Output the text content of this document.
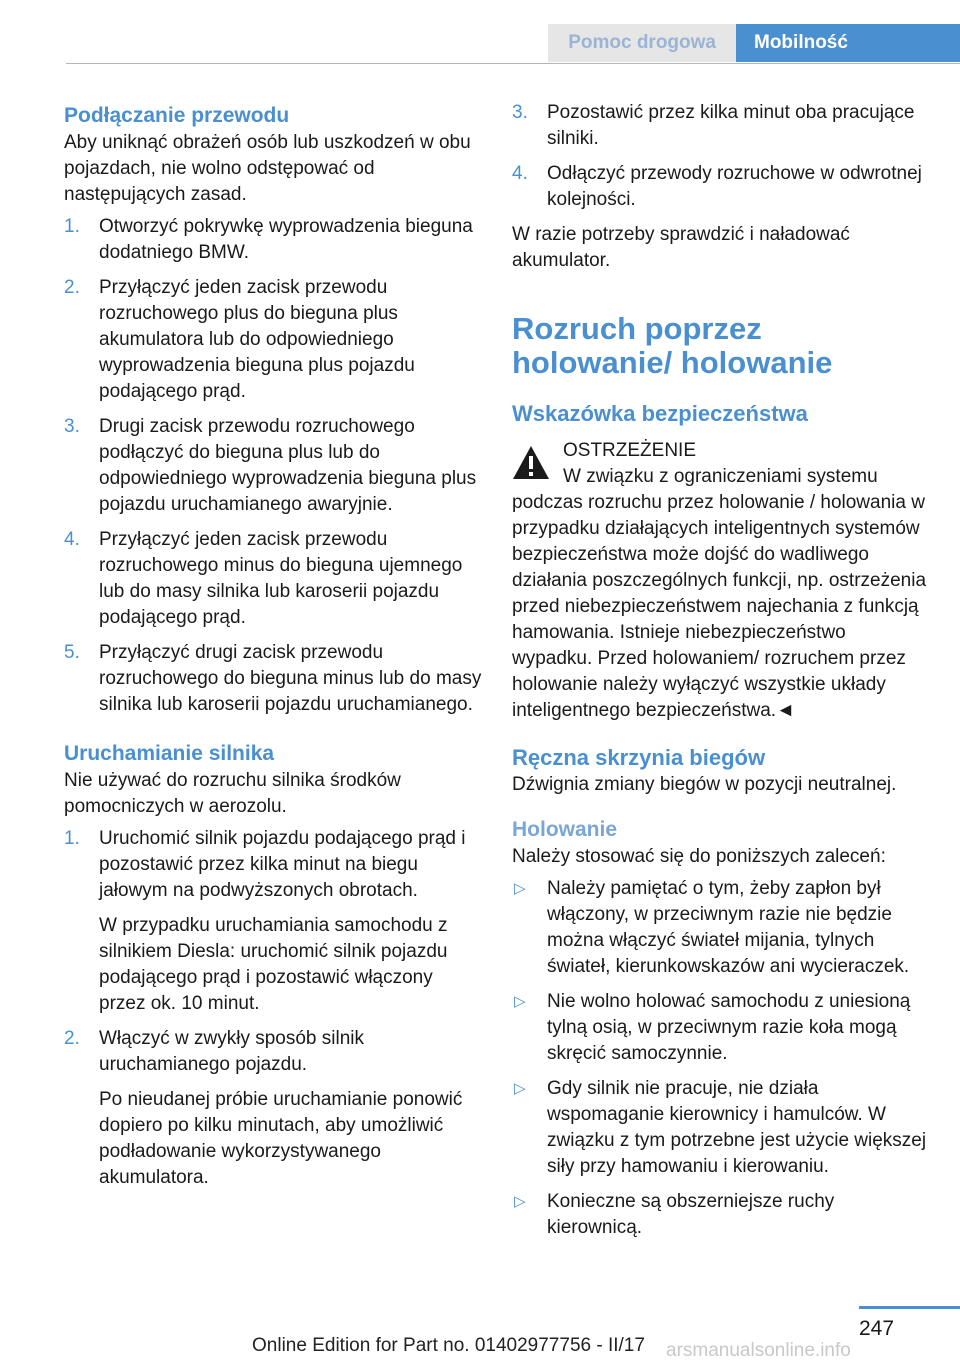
Pomoc drogowa	Mobilność
Podłączanie przewodu

Aby uniknąć obrażeń osób lub uszkodzeń w obu pojazdach, nie wolno odstępować od następujących zasad.

1. Otworzyć pokrywkę wyprowadzenia bieguna dodatniego BMW.
2. Przyłączyć jeden zacisk przewodu rozruchowego plus do bieguna plus akumulatora lub do odpowiedniego wyprowadzenia bieguna plus pojazdu podającego prąd.
3. Drugi zacisk przewodu rozruchowego podłączyć do bieguna plus lub do odpowiedniego wyprowadzenia bieguna plus pojazdu uruchamianego awaryjnie.
4. Przyłączyć jeden zacisk przewodu rozruchowego minus do bieguna ujemnego lub do masy silnika lub karoserii pojazdu podającego prąd.
5. Przyłączyć drugi zacisk przewodu rozruchowego do bieguna minus lub do masy silnika lub karoserii pojazdu uruchamianego.
Uruchamianie silnika

Nie używać do rozruchu silnika środków pomocniczych w aerozolu.

1. Uruchomić silnik pojazdu podającego prąd i pozostawić przez kilka minut na biegu jałowym na podwyższonych obrotach.
W przypadku uruchamiania samochodu z silnikiem Diesla: uruchomić silnik pojazdu podającego prąd i pozostawić włączony przez ok. 10 minut.
2. Włączyć w zwykły sposób silnik uruchamianego pojazdu.
Po nieudanej próbie uruchamianie ponowić dopiero po kilku minutach, aby umożliwić podładowanie wykorzystywanego akumulatora.
3. Pozostawić przez kilka minut oba pracujące silniki.
4. Odłączyć przewody rozruchowe w odwrotnej kolejności.

W razie potrzeby sprawdzić i naładować akumulator.

Rozruch poprzez holowanie/ holowanie
Wskazówka bezpieczeństwa
OSTRZEŻENIE
W związku z ograniczeniami systemu podczas rozruchu przez holowanie / holowania w przypadku działających inteligentnych systemów bezpieczeństwa może dojść do wadliwego działania poszczególnych funkcji, np. ostrzeżenia przed niebezpieczeństwem najechania z funkcją hamowania. Istnieje niebezpieczeństwo wypadku. Przed holowaniem/ rozruchem przez holowanie należy wyłączyć wszystkie układy inteligentnego bezpieczeństwa.◄
Ręczna skrzynia biegów

Dźwignia zmiany biegów w pozycji neutralnej.

Holowanie

Należy stosować się do poniższych zaleceń:

▷ Należy pamiętać o tym, żeby zapłon był włączony, w przeciwnym razie nie będzie można włączyć świateł mijania, tylnych świateł, kierunkowskazów ani wycieraczek.
▷ Nie wolno holować samochodu z uniesioną tylną osią, w przeciwnym razie koła mogą skręcić samoczynnie.
▷ Gdy silnik nie pracuje, nie działa wspomaganie kierownicy i hamulców. W związku z tym potrzebne jest użycie większej siły przy hamowaniu i kierowaniu.
▷ Konieczne są obszerniejsze ruchy kierownicą.
247
arsmanualsonline.info
Online Edition for Part no. 01402977756 - II/17
